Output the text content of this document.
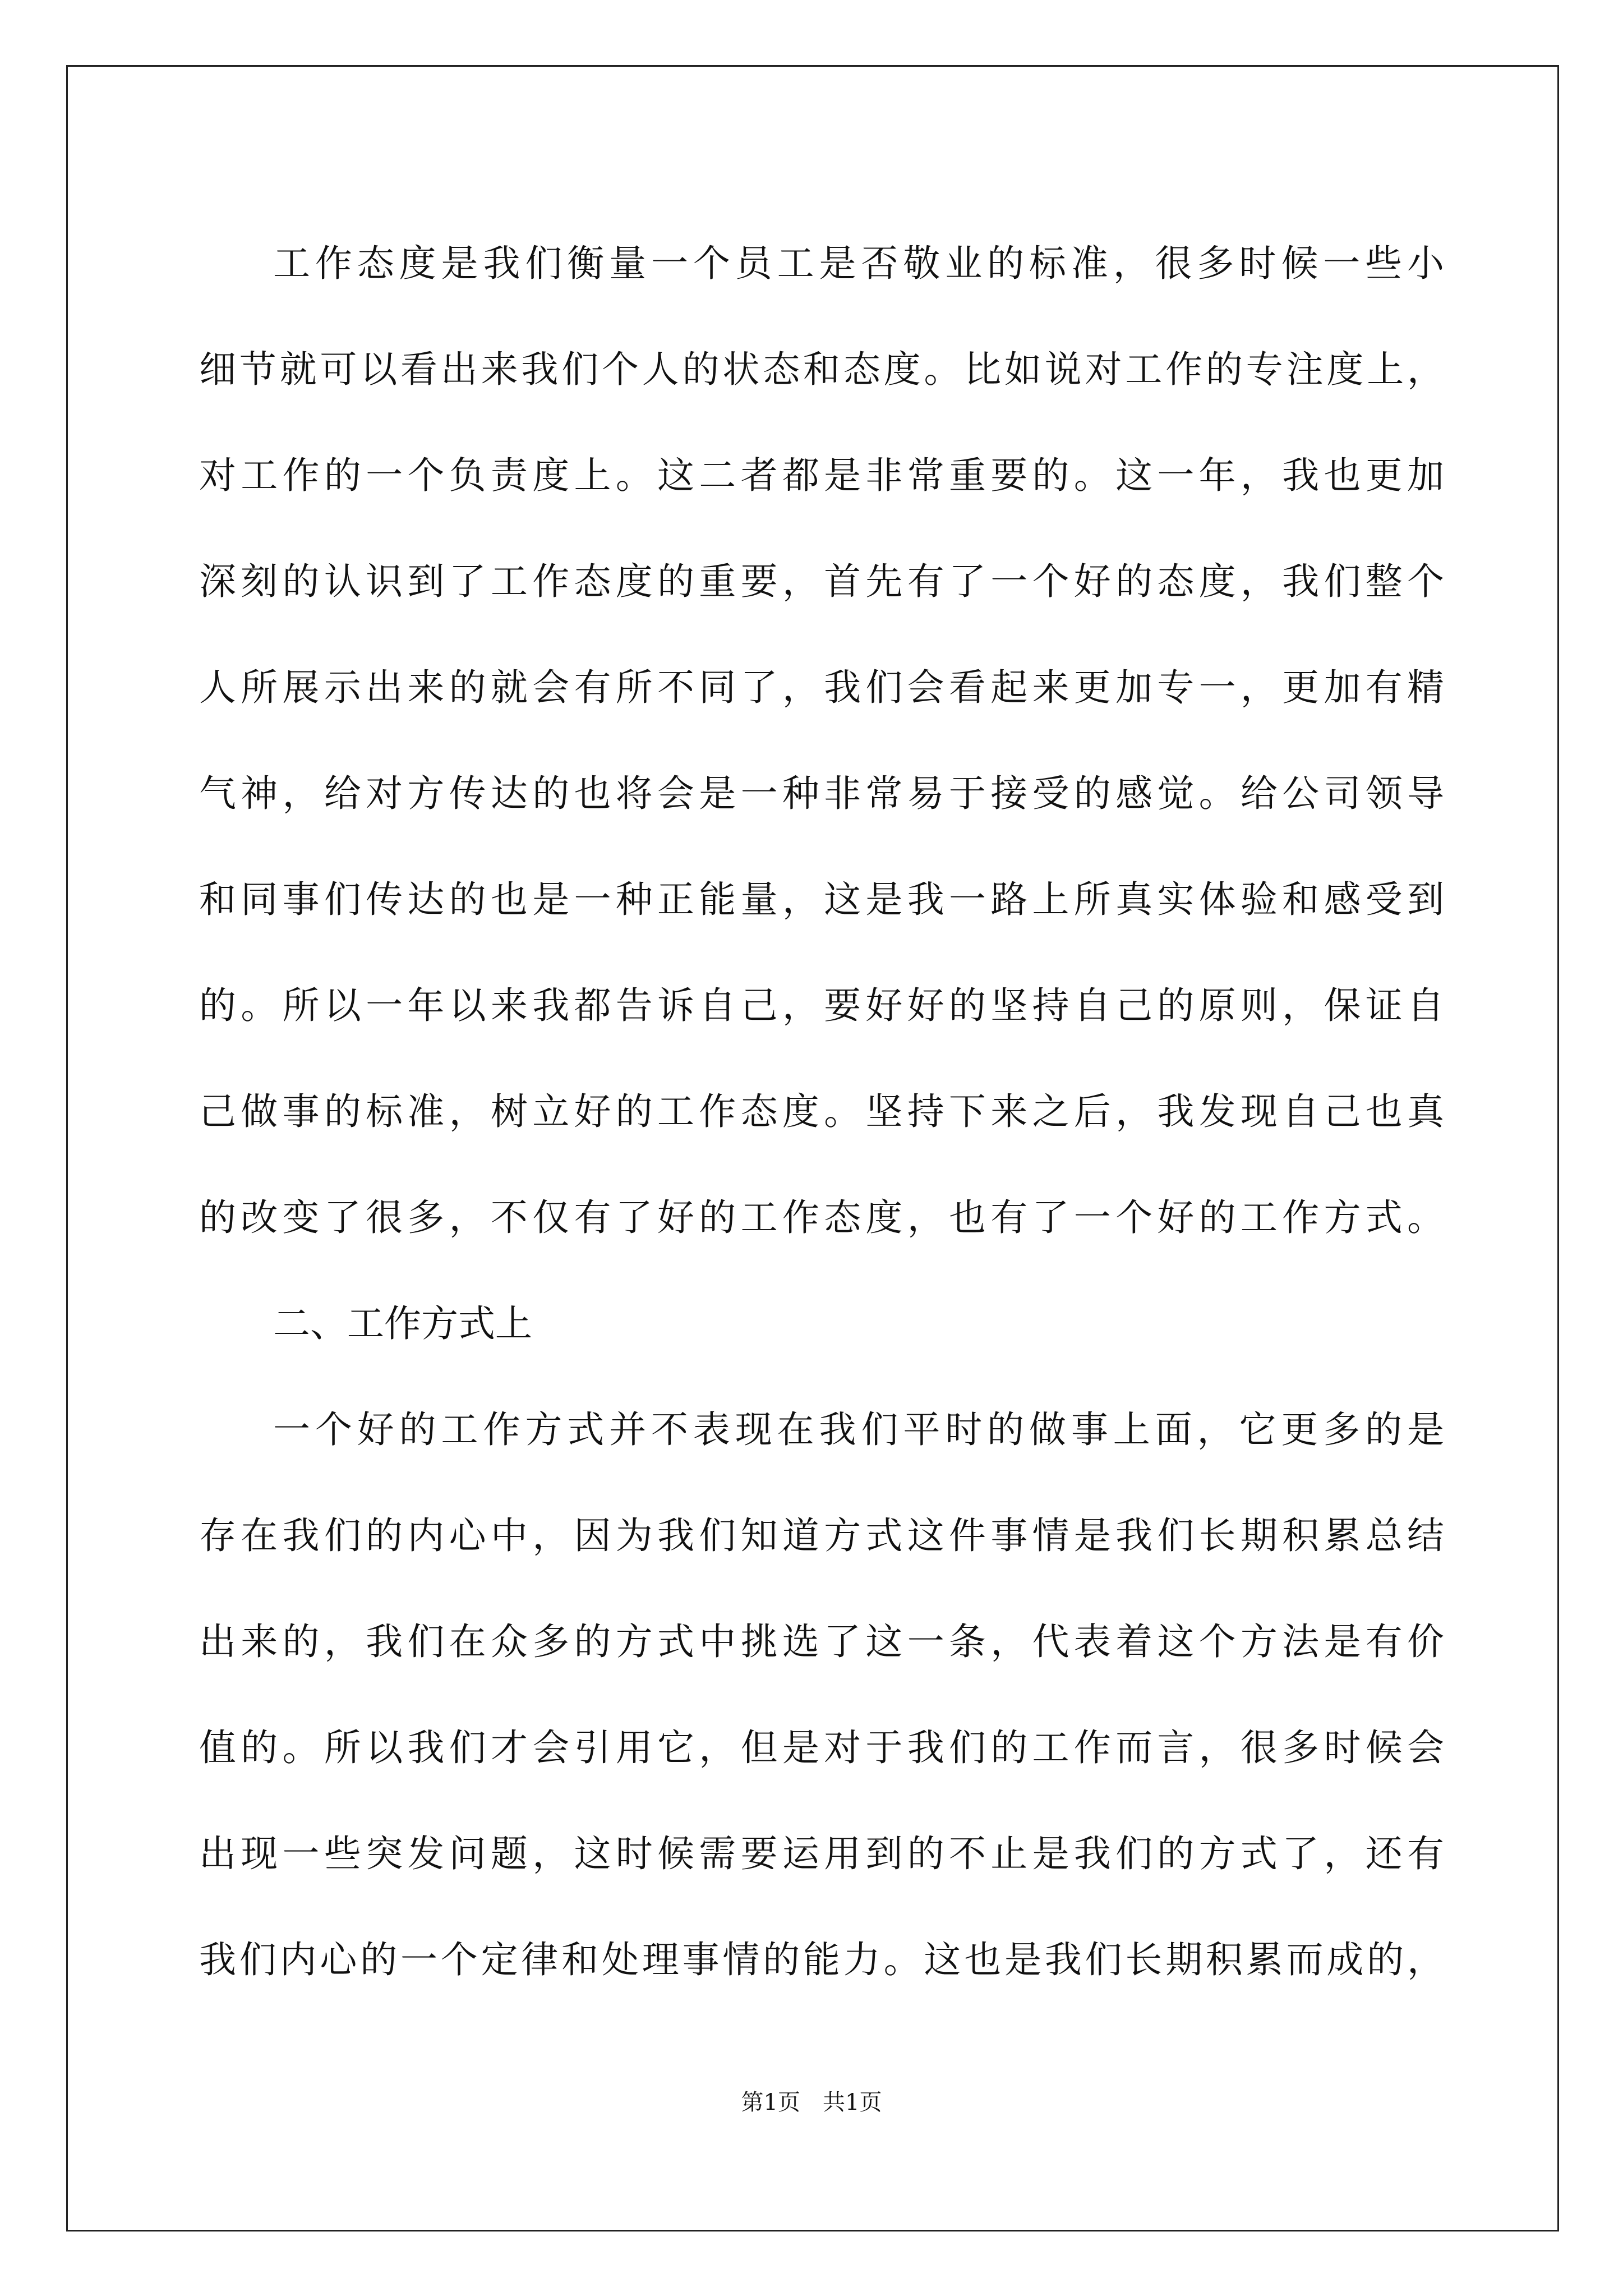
工作态度是我们衡量一个员工是否敬业的标准，很多时候一些小
细节就可以看出来我们个人的状态和态度。比如说对工作的专注度上，
对工作的一个负责度上。这二者都是非常重要的。这一年，我也更加
深刻的认识到了工作态度的重要，首先有了一个好的态度，我们整个
人所展示出来的就会有所不同了，我们会看起来更加专一，更加有精
气神，给对方传达的也将会是一种非常易于接受的感觉。给公司领导
和同事们传达的也是一种正能量，这是我一路上所真实体验和感受到
的。所以一年以来我都告诉自己，要好好的坚持自己的原则，保证自
己做事的标准，树立好的工作态度。坚持下来之后，我发现自己也真
的改变了很多，不仅有了好的工作态度，也有了一个好的工作方式。
二、工作方式上
一个好的工作方式并不表现在我们平时的做事上面，它更多的是
存在我们的内心中，因为我们知道方式这件事情是我们长期积累总结
出来的，我们在众多的方式中挑选了这一条，代表着这个方法是有价
值的。所以我们才会引用它，但是对于我们的工作而言，很多时候会
出现一些突发问题，这时候需要运用到的不止是我们的方式了，还有
我们内心的一个定律和处理事情的能力。这也是我们长期积累而成的，
第1页　共1页
